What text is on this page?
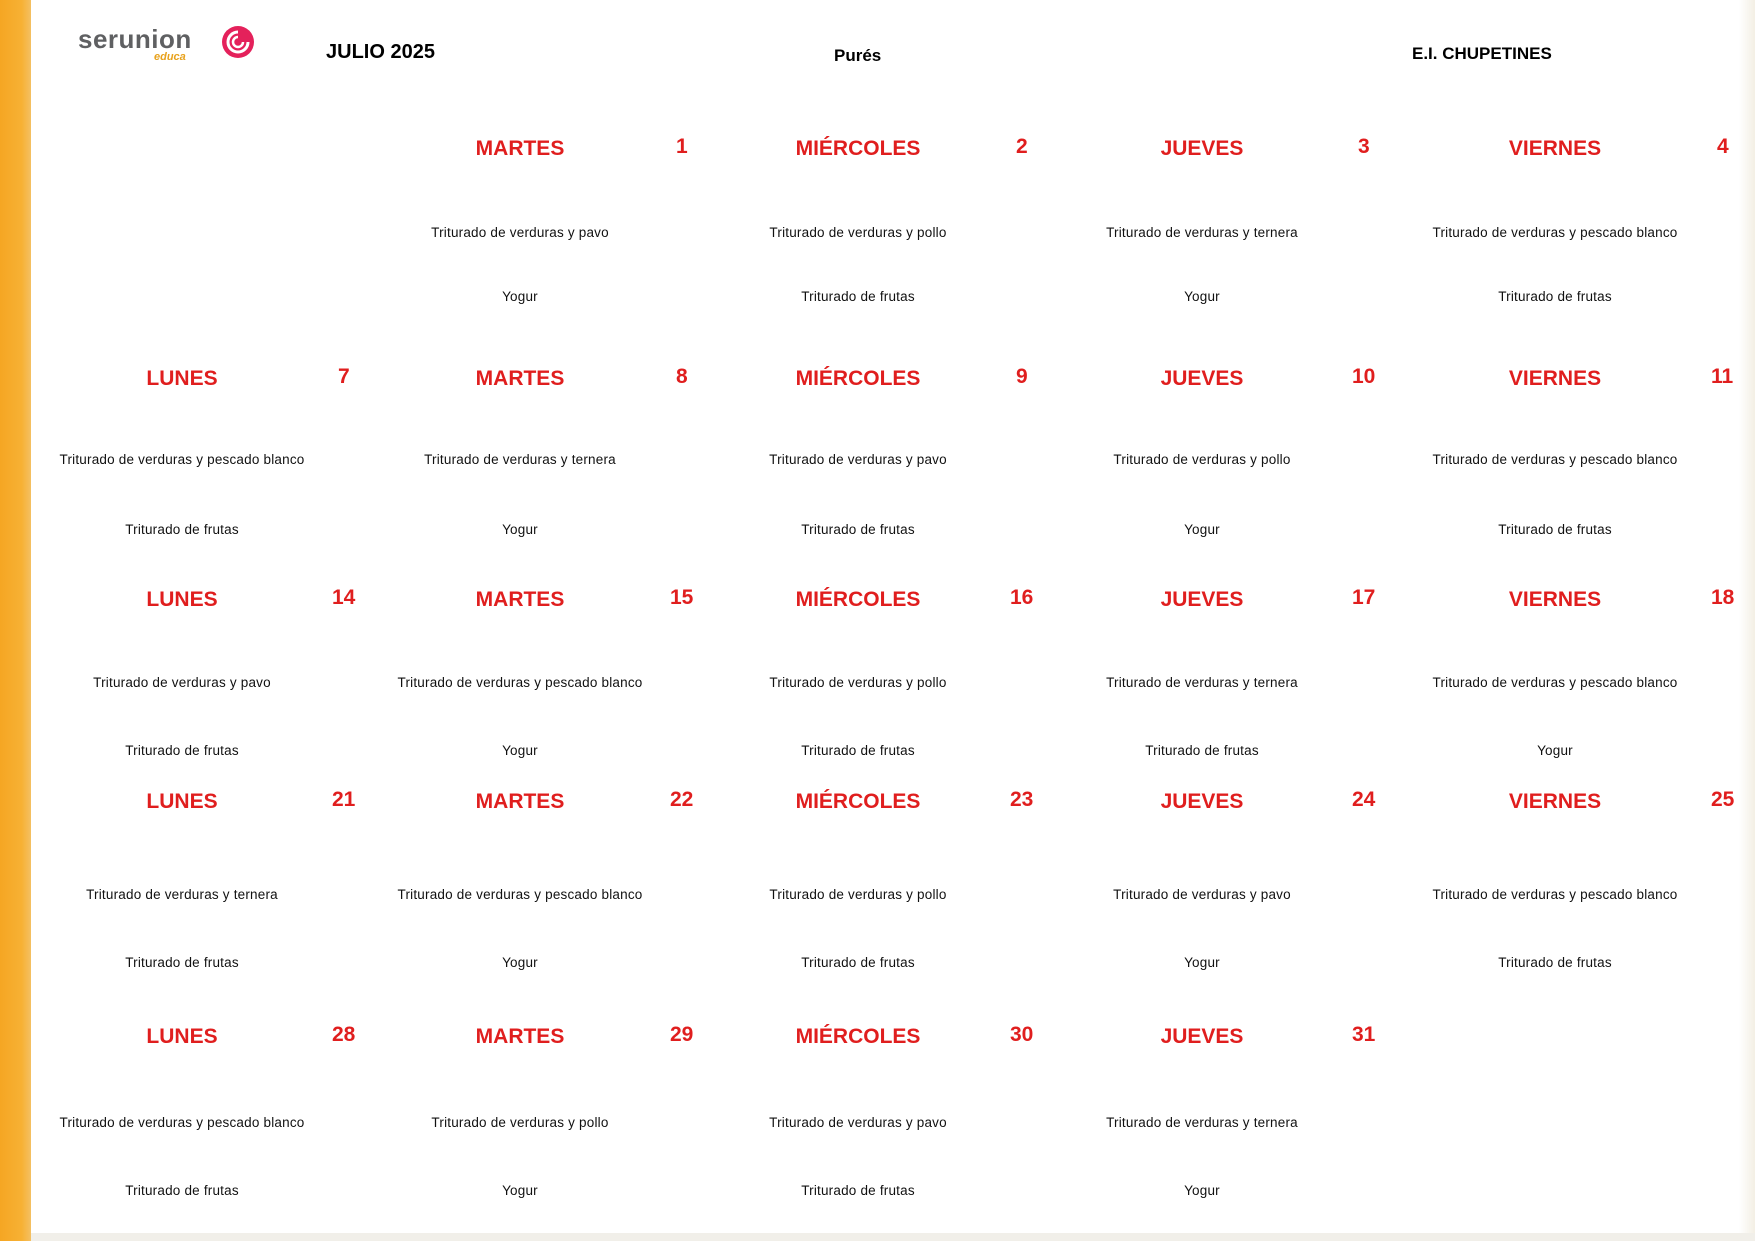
serunion
educa	JULIO 2025	Purés	E.I. CHUPETINES
MARTES	1
Triturado de verduras y pavo
Yogur
MIÉRCOLES	2
Triturado de verduras y pollo
Triturado de frutas
JUEVES	3
Triturado de verduras y ternera
Yogur
VIERNES	4
Triturado de verduras y pescado blanco
Triturado de frutas
LUNES	7
Triturado de verduras y pescado blanco
Triturado de frutas
MARTES	8
Triturado de verduras y ternera
Yogur
MIÉRCOLES	9
Triturado de verduras y pavo
Triturado de frutas
JUEVES	10
Triturado de verduras y pollo
Yogur
VIERNES	11
Triturado de verduras y pescado blanco
Triturado de frutas
LUNES	14
Triturado de verduras y pavo
Triturado de frutas
MARTES	15
Triturado de verduras y pescado blanco
Yogur
MIÉRCOLES	16
Triturado de verduras y pollo
Triturado de frutas
JUEVES	17
Triturado de verduras y ternera
Triturado de frutas
VIERNES	18
Triturado de verduras y pescado blanco
Yogur
LUNES	21
Triturado de verduras y ternera
Triturado de frutas
MARTES	22
Triturado de verduras y pescado blanco
Yogur
MIÉRCOLES	23
Triturado de verduras y pollo
Triturado de frutas
JUEVES	24
Triturado de verduras y pavo
Yogur
VIERNES	25
Triturado de verduras y pescado blanco
Triturado de frutas
LUNES	28
Triturado de verduras y pescado blanco
Triturado de frutas
MARTES	29
Triturado de verduras y pollo
Yogur
MIÉRCOLES	30
Triturado de verduras y pavo
Triturado de frutas
JUEVES	31
Triturado de verduras y ternera
Yogur
